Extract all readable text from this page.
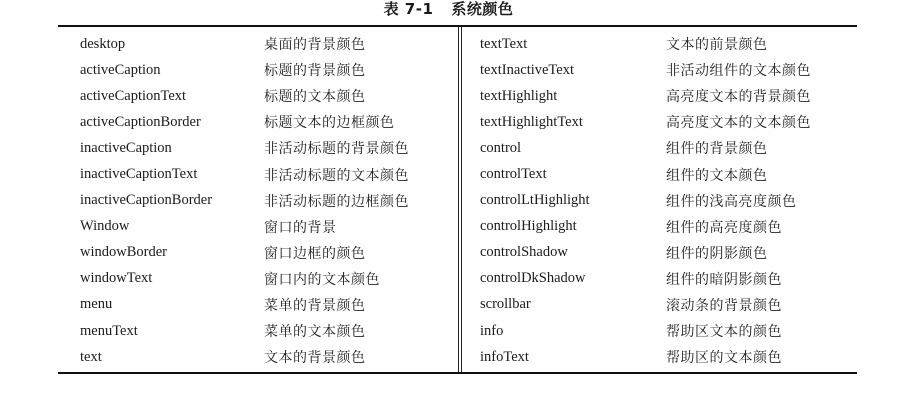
表 7-1 系统颜色
desktop	桌面的背景颜色
activeCaption	标题的背景颜色
activeCaptionText	标题的文本颜色
activeCaptionBorder	标题文本的边框颜色
inactiveCaption	非活动标题的背景颜色
inactiveCaptionText	非活动标题的文本颜色
inactiveCaptionBorder	非活动标题的边框颜色
Window	窗口的背景
windowBorder	窗口边框的颜色
windowText	窗口内的文本颜色
menu	菜单的背景颜色
menuText	菜单的文本颜色
text	文本的背景颜色
textText	文本的前景颜色
textInactiveText	非活动组件的文本颜色
textHighlight	高亮度文本的背景颜色
textHighlightText	高亮度文本的文本颜色
control	组件的背景颜色
controlText	组件的文本颜色
controlLtHighlight	组件的浅高亮度颜色
controlHighlight	组件的高亮度颜色
controlShadow	组件的阴影颜色
controlDkShadow	组件的暗阴影颜色
scrollbar	滚动条的背景颜色
info	帮助区文本的颜色
infoText	帮助区的文本颜色
